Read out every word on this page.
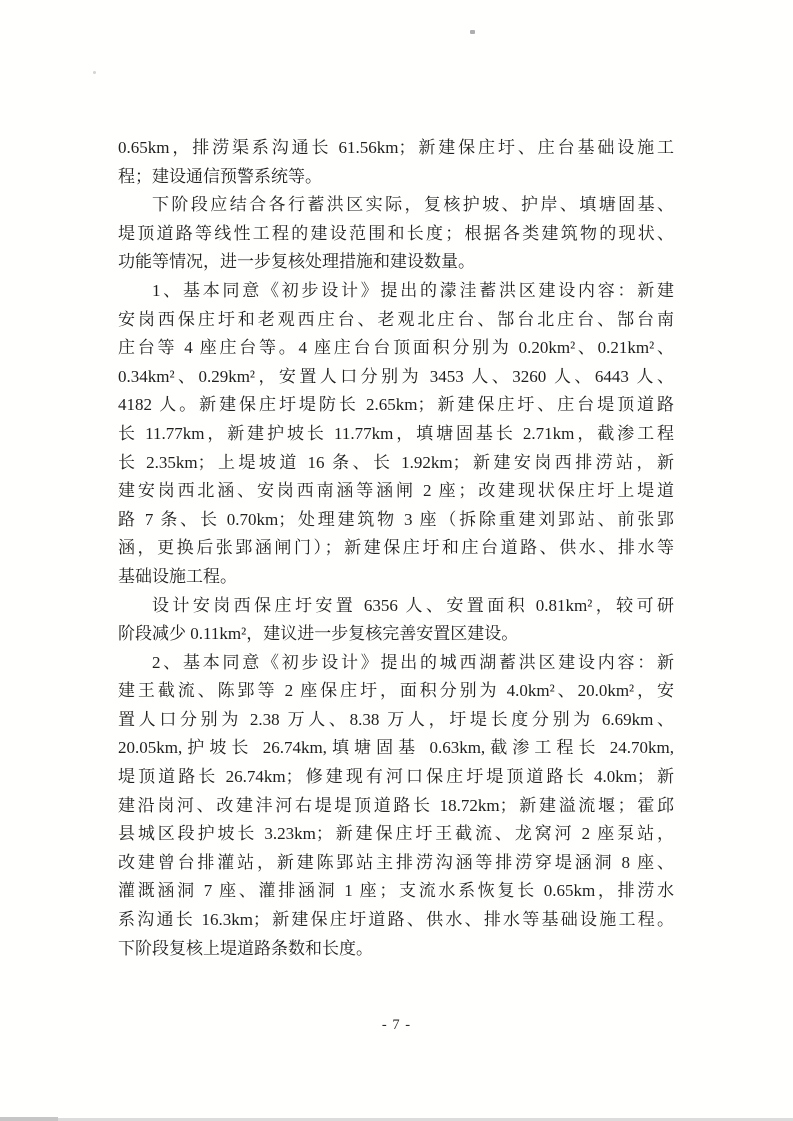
0.65km，排涝渠系沟通长 61.56km；新建保庄圩、庄台基础设施工
程；建设通信预警系统等。
下阶段应结合各行蓄洪区实际，复核护坡、护岸、填塘固基、
堤顶道路等线性工程的建设范围和长度；根据各类建筑物的现状、
功能等情况，进一步复核处理措施和建设数量。
1、基本同意《初步设计》提出的濛洼蓄洪区建设内容：新建
安岗西保庄圩和老观西庄台、老观北庄台、郜台北庄台、郜台南
庄台等 4 座庄台等。4 座庄台台顶面积分别为 0.20km²、0.21km²、
0.34km²、0.29km²，安置人口分别为 3453 人、3260 人、6443 人、
4182 人。新建保庄圩堤防长 2.65km；新建保庄圩、庄台堤顶道路
长 11.77km，新建护坡长 11.77km，填塘固基长 2.71km，截渗工程
长 2.35km；上堤坡道 16 条、长 1.92km；新建安岗西排涝站，新
建安岗西北涵、安岗西南涵等涵闸 2 座；改建现状保庄圩上堤道
路 7 条、长 0.70km；处理建筑物 3 座（拆除重建刘郢站、前张郢
涵，更换后张郢涵闸门）；新建保庄圩和庄台道路、供水、排水等
基础设施工程。
设计安岗西保庄圩安置 6356 人、安置面积 0.81km²，较可研
阶段减少 0.11km²，建议进一步复核完善安置区建设。
2、基本同意《初步设计》提出的城西湖蓄洪区建设内容：新
建王截流、陈郢等 2 座保庄圩，面积分别为 4.0km²、20.0km²，安
置人口分别为 2.38 万人、8.38 万人，圩堤长度分别为 6.69km、
20.05km,护坡长 26.74km,填塘固基 0.63km,截渗工程长 24.70km,
堤顶道路长 26.74km；修建现有河口保庄圩堤顶道路长 4.0km；新
建沿岗河、改建沣河右堤堤顶道路长 18.72km；新建溢流堰；霍邱
县城区段护坡长 3.23km；新建保庄圩王截流、龙窝河 2 座泵站，
改建曾台排灌站，新建陈郢站主排涝沟涵等排涝穿堤涵洞 8 座、
灌溉涵洞 7 座、灌排涵洞 1 座；支流水系恢复长 0.65km，排涝水
系沟通长 16.3km；新建保庄圩道路、供水、排水等基础设施工程。
下阶段复核上堤道路条数和长度。
- 7 -
